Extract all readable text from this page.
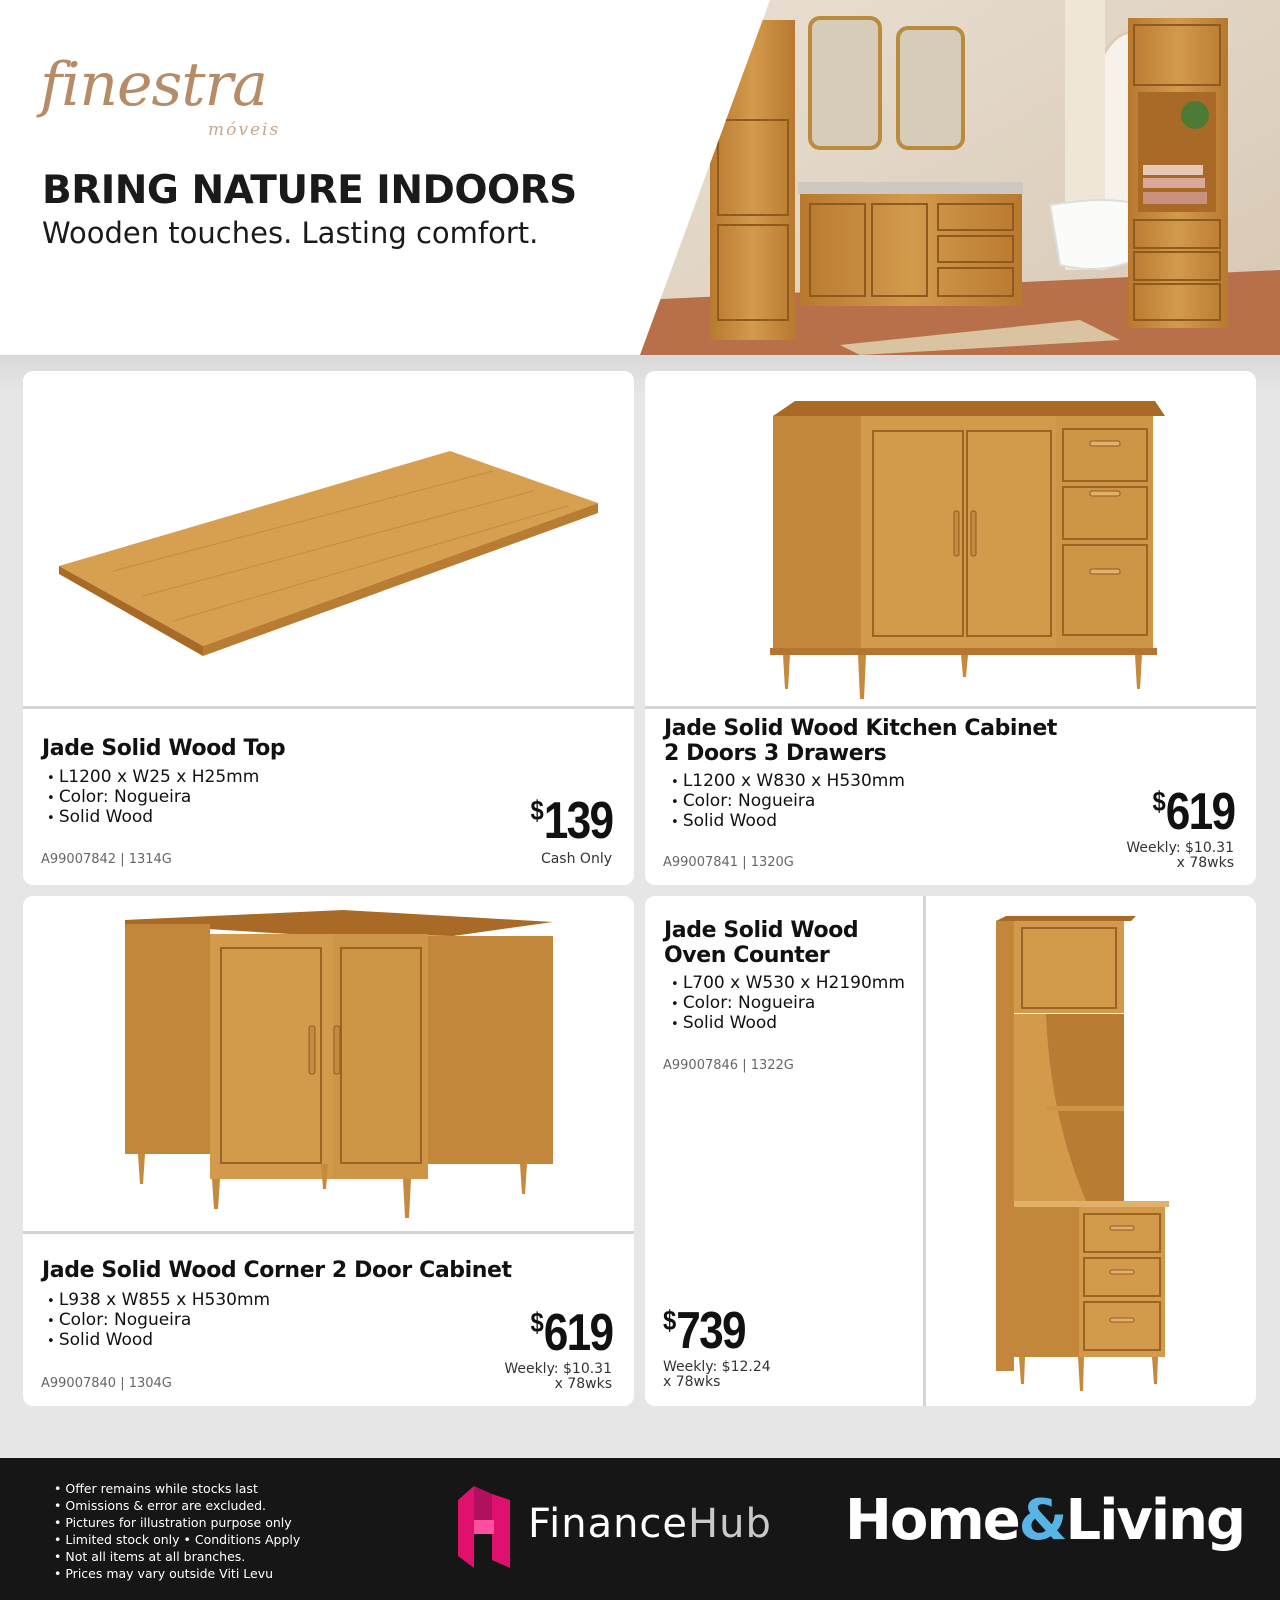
finestra
móveis
BRING NATURE INDOORS
Wooden touches. Lasting comfort.
Jade Solid Wood Top
• L1200 x W25 x H25mm
• Color: Nogueira
• Solid Wood
A99007842 | 1314G
$139
Cash Only
Jade Solid Wood Kitchen Cabinet
2 Doors 3 Drawers
• L1200 x W830 x H530mm
• Color: Nogueira
• Solid Wood
A99007841 | 1320G
$619
Weekly: $10.31
x 78wks
Jade Solid Wood Corner 2 Door Cabinet
• L938 x W855 x H530mm
• Color: Nogueira
• Solid Wood
A99007840 | 1304G
$619
Weekly: $10.31
x 78wks
Jade Solid Wood
Oven Counter
• L700 x W530 x H2190mm
• Color: Nogueira
• Solid Wood
A99007846 | 1322G
$739
Weekly: $12.24
x 78wks
• Offer remains while stocks last
• Omissions & error are excluded.
• Pictures for illustration purpose only
• Limited stock only • Conditions Apply
• Not all items at all branches.
• Prices may vary outside Viti Levu
FinanceHub Home&Living
